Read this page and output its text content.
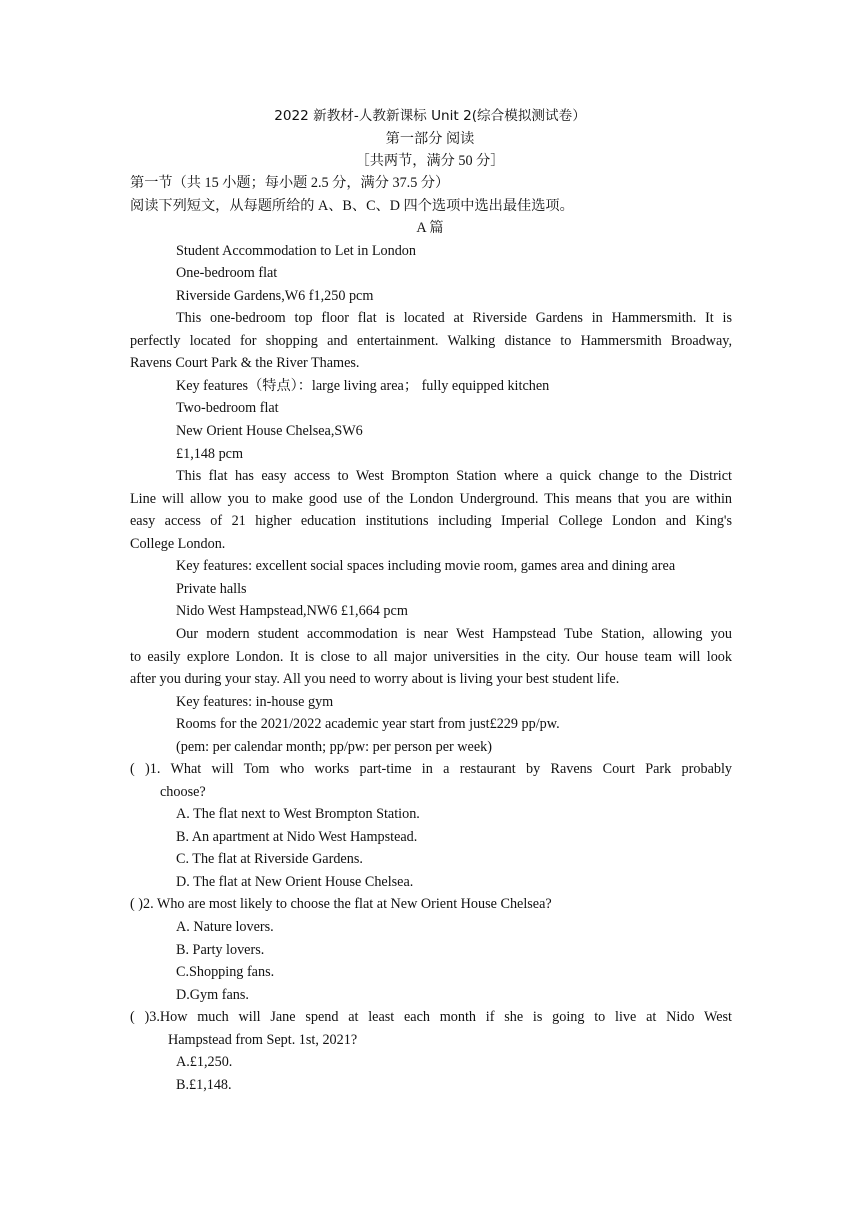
2022 新教材-人教新课标 Unit 2(综合模拟测试卷）
第一部分 阅读
［共两节，满分 50 分］
第一节（共 15 小题；每小题 2.5 分，满分 37.5 分）
阅读下列短文，从每题所给的 A、B、C、D 四个选项中选出最佳选项。
A 篇
Student Accommodation to Let in London
One-bedroom flat
Riverside Gardens,W6 f1,250 pcm
This one-bedroom top floor flat is located at Riverside Gardens in Hammersmith. It is
perfectly located for shopping and entertainment. Walking distance to Hammersmith Broadway,
Ravens Court Park & the River Thames.
Key features（特点）：large living area； fully equipped kitchen
Two-bedroom flat
New Orient House Chelsea,SW6
£1,148 pcm
This flat has easy access to West Brompton Station where a quick change to the District
Line will allow you to make good use of the London Underground. This means that you are within
easy access of 21 higher education institutions including Imperial College London and King's
College London.
Key features: excellent social spaces including movie room, games area and dining area
Private halls
Nido West Hampstead,NW6 £1,664 pcm
Our modern student accommodation is near West Hampstead Tube Station, allowing you
to easily explore London. It is close to all major universities in the city. Our house team will look
after you during your stay. All you need to worry about is living your best student life.
Key features: in-house gym
Rooms for the 2021/2022 academic year start from just£229 pp/pw.
(pem: per calendar month; pp/pw: per person per week)
( )1. What will Tom who works part-time in a restaurant by Ravens Court Park probably
choose?
A. The flat next to West Brompton Station.
B. An apartment at Nido West Hampstead.
C. The flat at Riverside Gardens.
D. The flat at New Orient House Chelsea.
( )2. Who are most likely to choose the flat at New Orient House Chelsea?
A. Nature lovers.
B. Party lovers.
C.Shopping fans.
D.Gym fans.
( )3.How much will Jane spend at least each month if she is going to live at Nido West
Hampstead from Sept. 1st, 2021?
A.£1,250.
B.£1,148.
